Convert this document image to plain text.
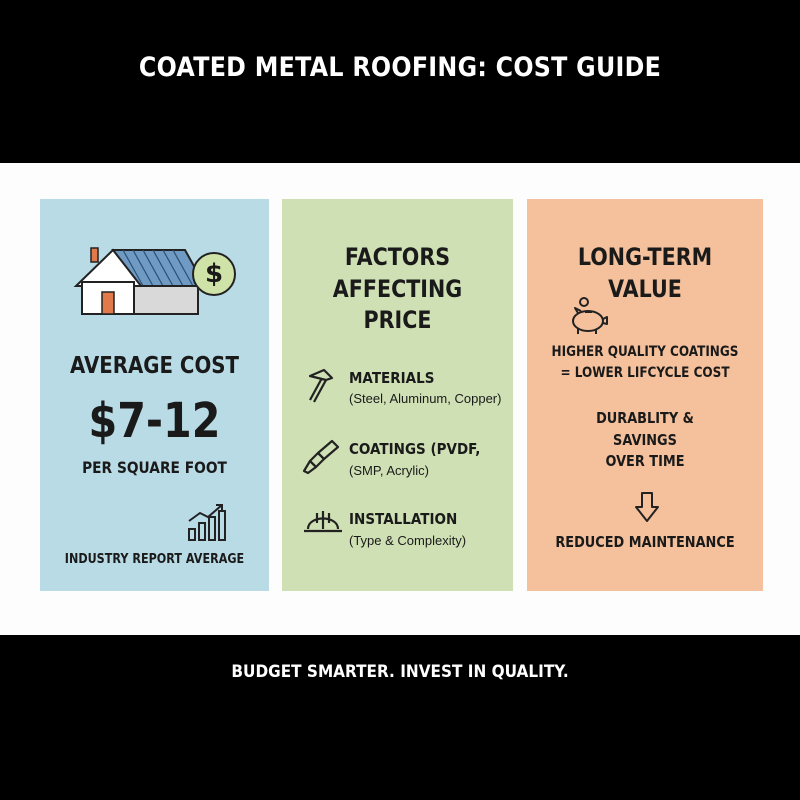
COATED METAL ROOFING: COST GUIDE
$
AVERAGE COST
$7-12
PER SQUARE FOOT
INDUSTRY REPORT AVERAGE
FACTORS
AFFECTING
PRICE
MATERIALS
(Steel, Aluminum, Copper)
COATINGS (PVDF,
(SMP, Acrylic)
INSTALLATION
(Type & Complexity)
LONG-TERM
VALUE
HIGHER QUALITY COATINGS
= LOWER LIFCYCLE COST
DURABLITY &
SAVINGS
OVER TIME
REDUCED MAINTENANCE
BUDGET SMARTER. INVEST IN QUALITY.
